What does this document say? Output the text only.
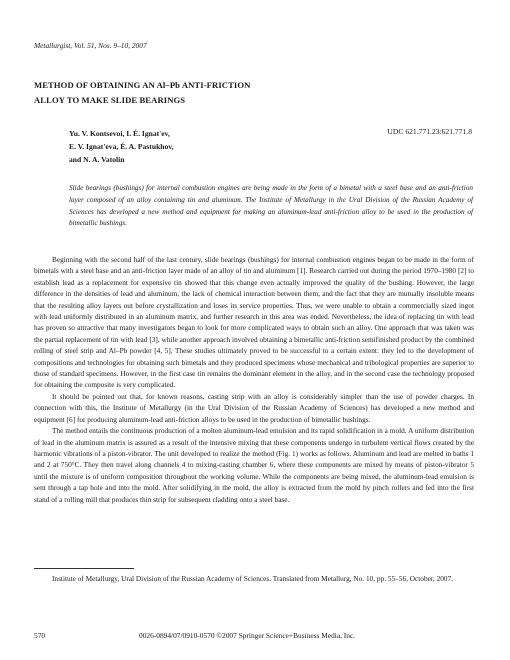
Metallurgist, Vol. 51, Nos. 9–10, 2007
METHOD OF OBTAINING AN Al–Pb ANTI-FRICTION
ALLOY TO MAKE SLIDE BEARINGS
Yu. V. Kontsevoi, I. É. Ignat'ev,
E. V. Ignat'eva, É. A. Pastukhov,
and N. A. Vatolin
UDC 621.771.23:621.771.8
Slide bearings (bushings) for internal combustion engines are being made in the form of a bimetal with a steel base and an anti-friction layer composed of an alloy containing tin and aluminum. The Institute of Metallurgy in the Ural Division of the Russian Academy of Sciences has developed a new method and equipment for making an aluminum-lead anti-friction alloy to be used in the production of bimetallic bushings.

Beginning with the second half of the last century, slide bearings (bushings) for internal combustion engines began to be made in the form of bimetals with a steel base and an anti-friction layer made of an alloy of tin and aluminum [1]. Research carried out during the period 1970–1980 [2] to establish lead as a replacement for expensive tin showed that this change even actually improved the quality of the bushing. However, the large difference in the densities of lead and aluminum, the lack of chemical interaction between them, and the fact that they are mutually insoluble means that the resulting alloy layers out before crystallization and loses its service properties. Thus, we were unable to obtain a commercially sized ingot with lead uniformly distributed in an aluminum matrix, and further research in this area was ended. Nevertheless, the idea of replacing tin with lead has proven so attractive that many investigators began to look for more complicated ways to obtain such an alloy. One approach that was taken was the partial replacement of tin with lead [3], while another approach involved obtaining a bimetallic anti-friction semifinished product by the combined rolling of steel strip and Al–Pb powder [4, 5]. These studies ultimately proved to be successful to a certain extent: they led to the development of compositions and technologies for obtaining such bimetals and they produced specimens whose mechanical and tribological properties are superior to those of standard specimens. However, in the first case tin remains the dominant element in the alloy, and in the second case the technology proposed for obtaining the composite is very complicated.

It should be pointed out that, for known reasons, casting strip with an alloy is considerably simpler than the use of powder charges. In connection with this, the Institute of Metallurgy (in the Ural Division of the Russian Academy of Sciences) has developed a new method and equipment [6] for producing aluminum-lead anti-friction alloys to be used in the production of bimetallic bushings.

The method entails the continuous production of a molten aluminum-lead emulsion and its rapid solidification in a mold. A uniform distribution of lead in the aluminum matrix is assured as a result of the intensive mixing that these components undergo in turbulent vertical flows created by the harmonic vibrations of a piston-vibrator. The unit developed to realize the method (Fig. 1) works as follows. Aluminum and lead are melted in baths 1 and 2 at 750°C. They then travel along channels 4 to mixing-casting chamber 6, where these components are mixed by means of piston-vibrator 5 until the mixture is of uniform composition throughout the working volume. While the components are being mixed, the aluminum-lead emulsion is sent through a tap hole and into the mold. After solidifying in the mold, the alloy is extracted from the mold by pinch rollers and fed into the first stand of a rolling mill that produces thin strip for subsequent cladding onto a steel base.

Institute of Metallurgy, Ural Division of the Russian Academy of Sciences. Translated from Metallurg, No. 10, pp. 55–56, October, 2007.
570	0026-0894/07/0910-0570 ©2007 Springer Science+Business Media, Inc.
